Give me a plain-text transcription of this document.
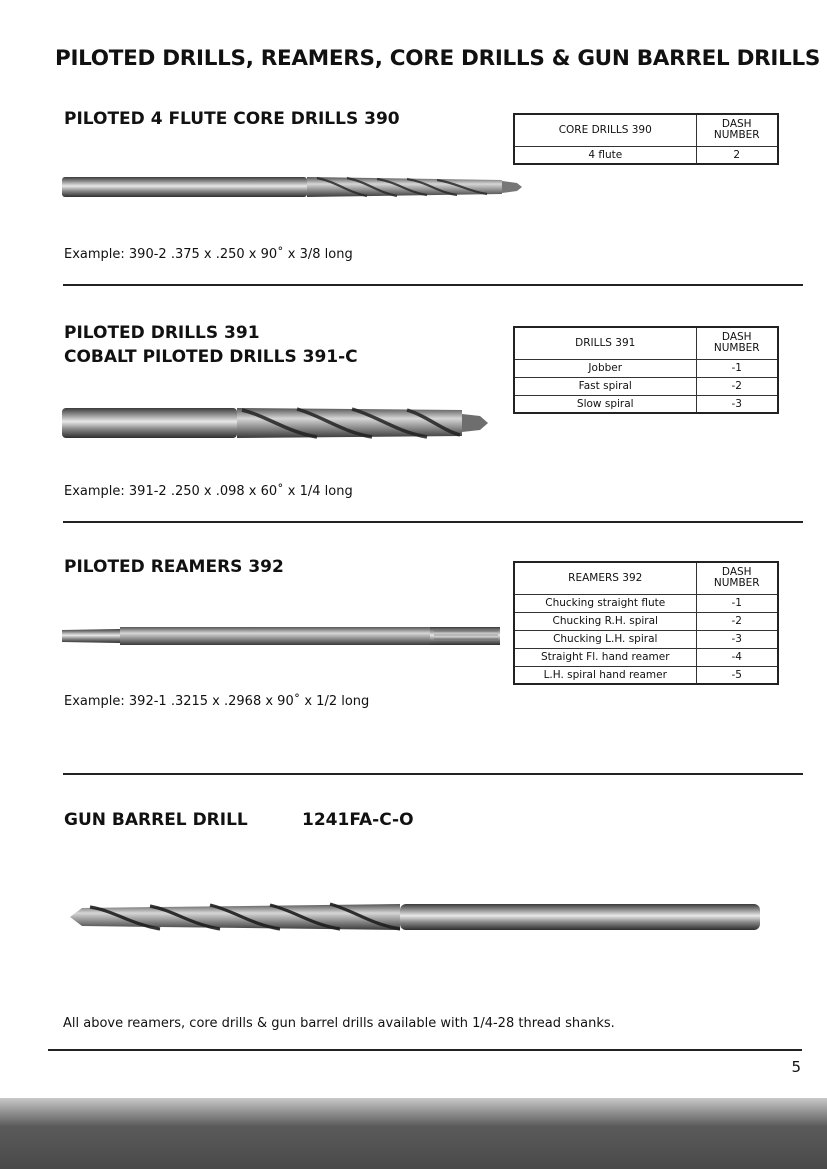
PILOTED DRILLS, REAMERS, CORE DRILLS & GUN BARREL DRILLS
PILOTED 4 FLUTE CORE DRILLS 390
CORE DRILLS 390	DASH
NUMBER
4 flute	2
Example: 390-2 .375 x .250 x 90˚ x 3/8 long
PILOTED DRILLS 391
COBALT PILOTED DRILLS 391-C
DRILLS 391	DASH
NUMBER
Jobber	-1
Fast spiral	-2
Slow spiral	-3
Example: 391-2 .250 x .098 x 60˚ x 1/4 long
PILOTED REAMERS 392
REAMERS 392	DASH
NUMBER
Chucking straight flute	-1
Chucking R.H. spiral	-2
Chucking L.H. spiral	-3
Straight Fl. hand reamer	-4
L.H. spiral hand reamer	-5
Example: 392-1 .3215 x .2968 x 90˚ x 1/2 long
GUN BARREL DRILL	1241FA-C-O
All above reamers, core drills & gun barrel drills available with 1/4-28 thread shanks.
5
